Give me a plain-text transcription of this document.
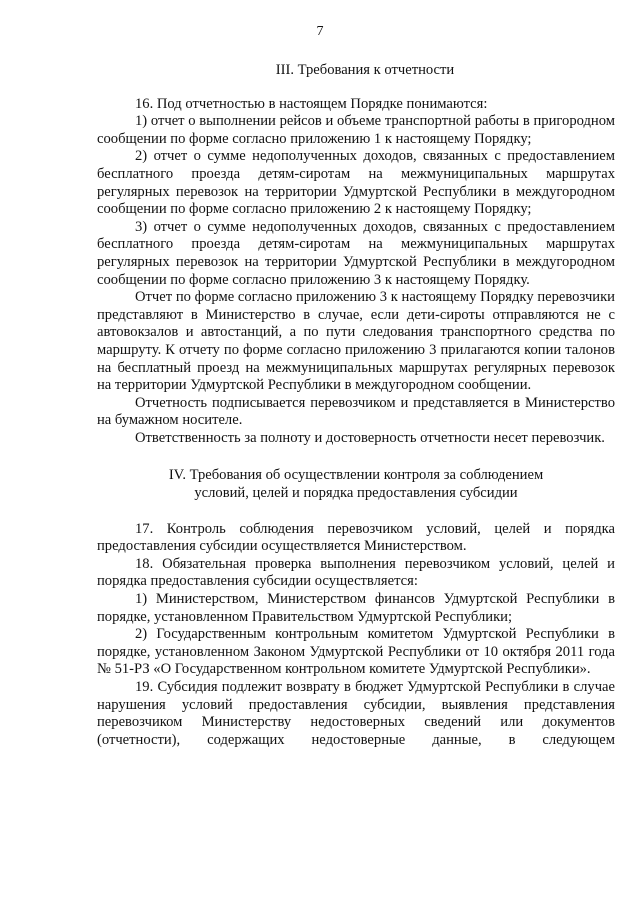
7

III. Требования к отчетности

16. Под отчетностью в настоящем Порядке понимаются:

1) отчет о выполнении рейсов и объеме транспортной работы в пригородном сообщении по форме согласно приложению 1 к настоящему Порядку;

2) отчет о сумме недополученных доходов, связанных с предоставлением бесплатного проезда детям-сиротам на межмуниципальных маршрутах регулярных перевозок на территории Удмуртской Республики в междугородном сообщении по форме согласно приложению 2 к настоящему Порядку;

3) отчет о сумме недополученных доходов, связанных с предоставлением бесплатного проезда детям-сиротам на межмуниципальных маршрутах регулярных перевозок на территории Удмуртской Республики в междугородном сообщении по форме согласно приложению 3 к настоящему Порядку.

Отчет по форме согласно приложению 3 к настоящему Порядку перевозчики представляют в Министерство в случае, если дети-сироты отправляются не с автовокзалов и автостанций, а по пути следования транспортного средства по маршруту. К отчету по форме согласно приложению 3 прилагаются копии талонов на бесплатный проезд на межмуниципальных маршрутах регулярных перевозок на территории Удмуртской Республики в междугородном сообщении.

Отчетность подписывается перевозчиком и представляется в Министерство на бумажном носителе.

Ответственность за полноту и достоверность отчетности несет перевозчик.

IV. Требования об осуществлении контроля за соблюдением
условий, целей и порядка предоставления субсидии

17. Контроль соблюдения перевозчиком условий, целей и порядка предоставления субсидии осуществляется Министерством.

18. Обязательная проверка выполнения перевозчиком условий, целей и порядка предоставления субсидии осуществляется:

1) Министерством, Министерством финансов Удмуртской Республики в порядке, установленном Правительством Удмуртской Республики;

2) Государственным контрольным комитетом Удмуртской Республики в порядке, установленном Законом Удмуртской Республики от 10 октября 2011 года № 51-РЗ «О Государственном контрольном комитете Удмуртской Республики».

19. Субсидия подлежит возврату в бюджет Удмуртской Республики в случае нарушения условий предоставления субсидии, выявления представления перевозчиком Министерству недостоверных сведений или документов (отчетности), содержащих недостоверные данные, в следующем
